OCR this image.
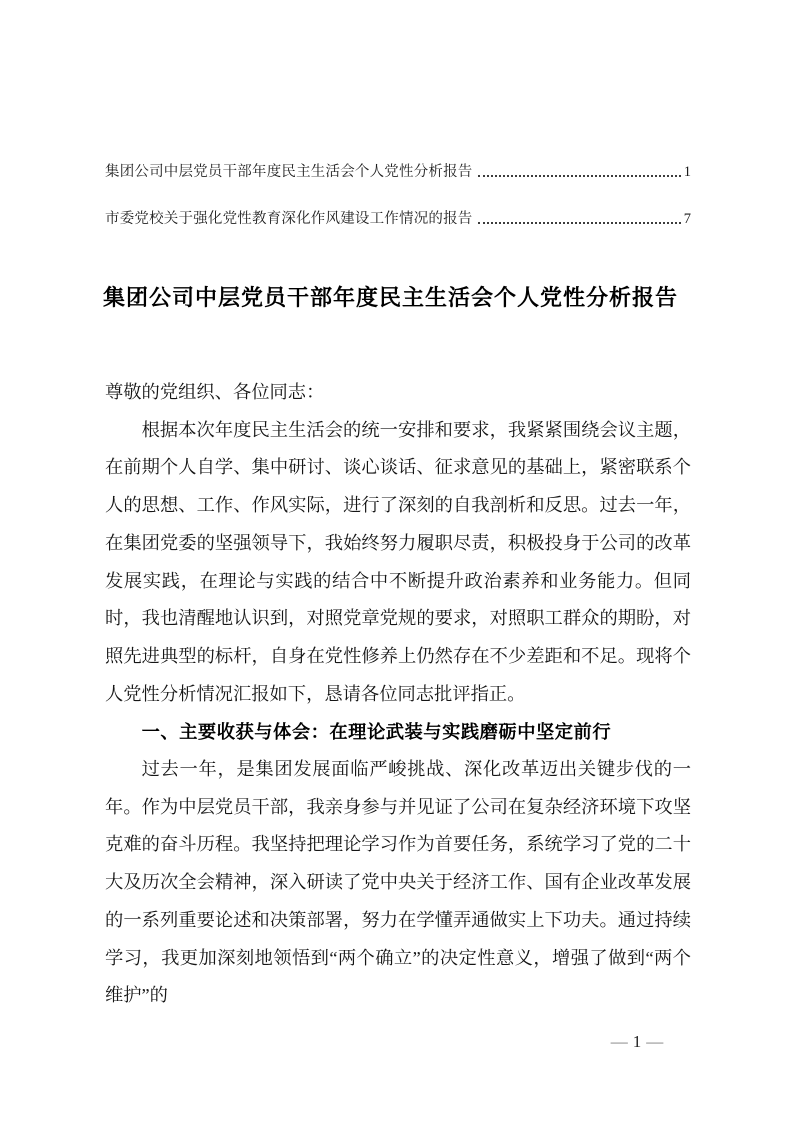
集团公司中层党员干部年度民主生活会个人党性分析报告	1
市委党校关于强化党性教育深化作风建设工作情况的报告	7
集团公司中层党员干部年度民主生活会个人党性分析报告

尊敬的党组织、各位同志：

根据本次年度民主生活会的统一安排和要求，我紧紧围绕会议主题，在前期个人自学、集中研讨、谈心谈话、征求意见的基础上，紧密联系个人的思想、工作、作风实际，进行了深刻的自我剖析和反思。过去一年，在集团党委的坚强领导下，我始终努力履职尽责，积极投身于公司的改革发展实践，在理论与实践的结合中不断提升政治素养和业务能力。但同时，我也清醒地认识到，对照党章党规的要求，对照职工群众的期盼，对照先进典型的标杆，自身在党性修养上仍然存在不少差距和不足。现将个人党性分析情况汇报如下，恳请各位同志批评指正。

一、主要收获与体会：在理论武装与实践磨砺中坚定前行

过去一年，是集团发展面临严峻挑战、深化改革迈出关键步伐的一年。作为中层党员干部，我亲身参与并见证了公司在复杂经济环境下攻坚克难的奋斗历程。我坚持把理论学习作为首要任务，系统学习了党的二十大及历次全会精神，深入研读了党中央关于经济工作、国有企业改革发展的一系列重要论述和决策部署，努力在学懂弄通做实上下功夫。通过持续学习，我更加深刻地领悟到“两个确立”的决定性意义，增强了做到“两个维护”的

— 1 —
